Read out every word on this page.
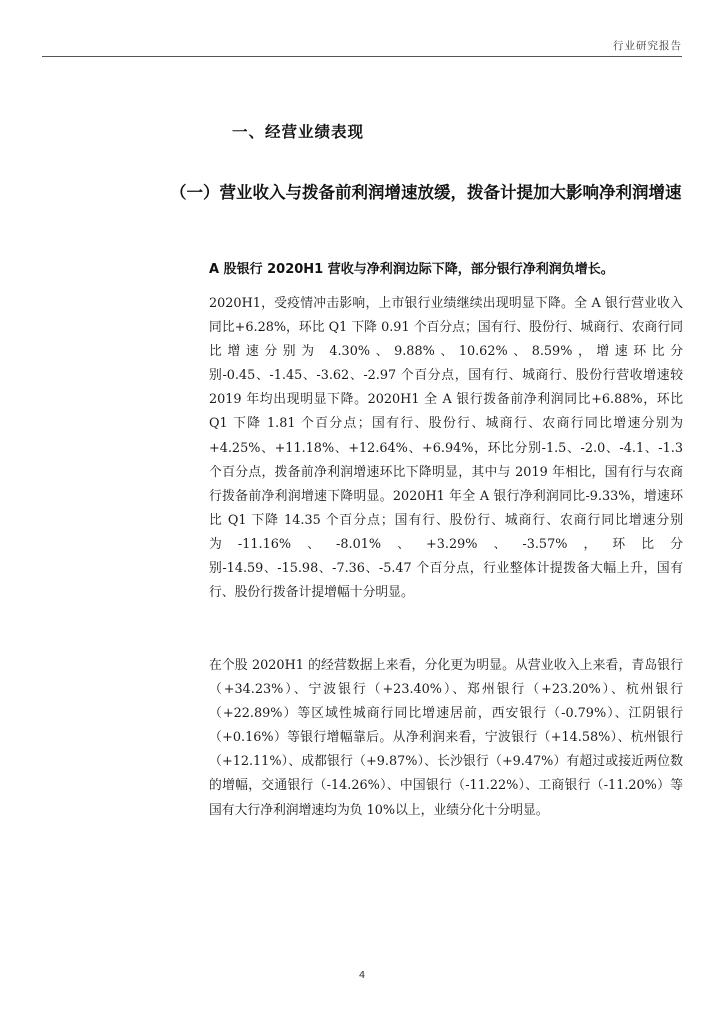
行业研究报告
一、经营业绩表现
（一）营业收入与拨备前利润增速放缓，拨备计提加大影响净利润增速
A 股银行 2020H1 营收与净利润边际下降，部分银行净利润负增长。

2020H1，受疫情冲击影响，上市银行业绩继续出现明显下降。全 A 银行营业收入同比+6.28%，环比 Q1 下降 0.91 个百分点；国有行、股份行、城商行、农商行同比增速分别为 4.30%、9.88%、10.62%、8.59%，增速环比分别-0.45、-1.45、-3.62、-2.97 个百分点，国有行、城商行、股份行营收增速较 2019 年均出现明显下降。2020H1 全 A 银行拨备前净利润同比+6.88%，环比 Q1 下降 1.81 个百分点；国有行、股份行、城商行、农商行同比增速分别为+4.25%、+11.18%、+12.64%、+6.94%，环比分别-1.5、-2.0、-4.1、-1.3 个百分点，拨备前净利润增速环比下降明显，其中与 2019 年相比，国有行与农商行拨备前净利润增速下降明显。2020H1 年全 A 银行净利润同比-9.33%，增速环比 Q1 下降 14.35 个百分点；国有行、股份行、城商行、农商行同比增速分别为-11.16%、-8.01%、+3.29%、-3.57%，环比分别-14.59、-15.98、-7.36、-5.47 个百分点，行业整体计提拨备大幅上升，国有行、股份行拨备计提增幅十分明显。

在个股 2020H1 的经营数据上来看，分化更为明显。从营业收入上来看，青岛银行（+34.23%）、宁波银行（+23.40%）、郑州银行（+23.20%）、杭州银行（+22.89%）等区域性城商行同比增速居前，西安银行（-0.79%）、江阴银行（+0.16%）等银行增幅靠后。从净利润来看，宁波银行（+14.58%）、杭州银行（+12.11%）、成都银行（+9.87%）、长沙银行（+9.47%）有超过或接近两位数的增幅，交通银行（-14.26%）、中国银行（-11.22%）、工商银行（-11.20%）等国有大行净利润增速均为负 10%以上，业绩分化十分明显。

4
